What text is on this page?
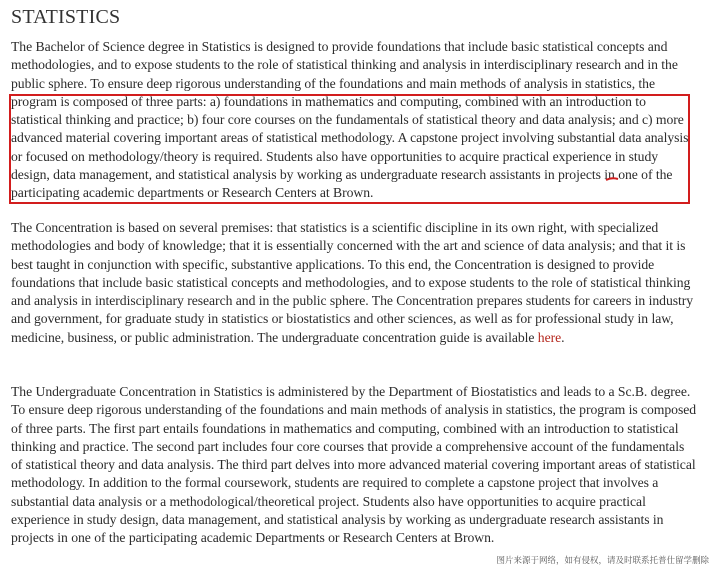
STATISTICS

The Bachelor of Science degree in Statistics is designed to provide foundations that include basic statistical concepts and methodologies, and to expose students to the role of statistical thinking and analysis in interdisciplinary research and in the public sphere. To ensure deep rigorous understanding of the foundations and main methods of analysis in statistics, the program is composed of three parts: a) foundations in mathematics and computing, combined with an introduction to statistical thinking and practice; b) four core courses on the fundamentals of statistical theory and data analysis; and c) more advanced material covering important areas of statistical methodology. A capstone project involving substantial data analysis or focused on methodology/theory is required. Students also have opportunities to acquire practical experience in study design, data management, and statistical analysis by working as undergraduate research assistants in projects in one of the participating academic departments or Research Centers at Brown.

The Concentration is based on several premises: that statistics is a scientific discipline in its own right, with specialized methodologies and body of knowledge; that it is essentially concerned with the art and science of data analysis; and that it is best taught in conjunction with specific, substantive applications. To this end, the Concentration is designed to provide foundations that include basic statistical concepts and methodologies, and to expose students to the role of statistical thinking and analysis in interdisciplinary research and in the public sphere. The Concentration prepares students for careers in industry and government, for graduate study in statistics or biostatistics and other sciences, as well as for professional study in law, medicine, business, or public administration. The undergraduate concentration guide is available here.

The Undergraduate Concentration in Statistics is administered by the Department of Biostatistics and leads to a Sc.B. degree. To ensure deep rigorous understanding of the foundations and main methods of analysis in statistics, the program is composed of three parts. The first part entails foundations in mathematics and computing, combined with an introduction to statistical thinking and practice. The second part includes four core courses that provide a comprehensive account of the fundamentals of statistical theory and data analysis. The third part delves into more advanced material covering important areas of statistical methodology. In addition to the formal coursework, students are required to complete a capstone project that involves a substantial data analysis or a methodological/theoretical project. Students also have opportunities to acquire practical experience in study design, data management, and statistical analysis by working as undergraduate research assistants in projects in one of the participating academic Departments or Research Centers at Brown.

图片来源于网络，如有侵权，请及时联系托普仕留学删除
